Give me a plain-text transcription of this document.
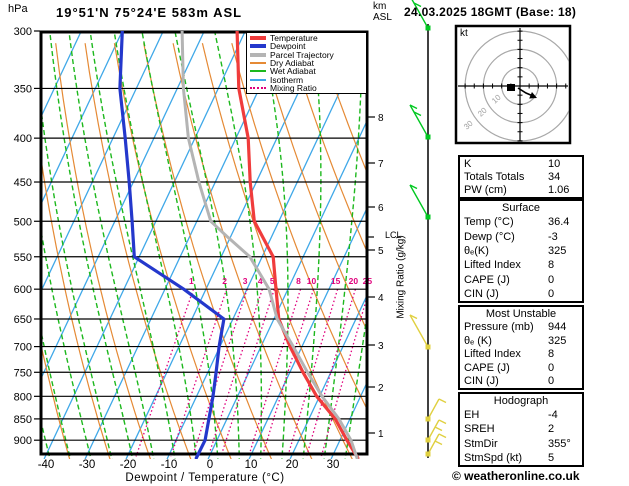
1	2 3 4 5	8 10 15 20 25
300
350
400
450
500
550
600
650
700
750
800
850
900
-40 -30 -20 -10	0	10 20 30
8
7
6
5
4
3
2
1
10
20
30
hPa 19°51'N 75°24'E 583m ASL	km
ASL 24.03.2025 18GMT (Base: 18)
Temperature
Dewpoint
Parcel Trajectory
Dry Adiabat
Wet Adiabat
Isotherm
Mixing Ratio
Mixing Ratio (g/kg)
LCL
kt
Dewpoint / Temperature (°C)
K	10
Totals Totals	34
PW (cm)	1.06
Surface
Temp (°C)	36.4
Dewp (°C)	-3
θₑ(K)	325
Lifted Index	8
CAPE (J)	0
CIN (J)	0
Most Unstable
Pressure (mb)	944
θₑ (K)	325
Lifted Index	8
CAPE (J)	0
CIN (J)	0
Hodograph
EH	-4
SREH	2
StmDir	355°
StmSpd (kt)	5
© weatheronline.co.uk
